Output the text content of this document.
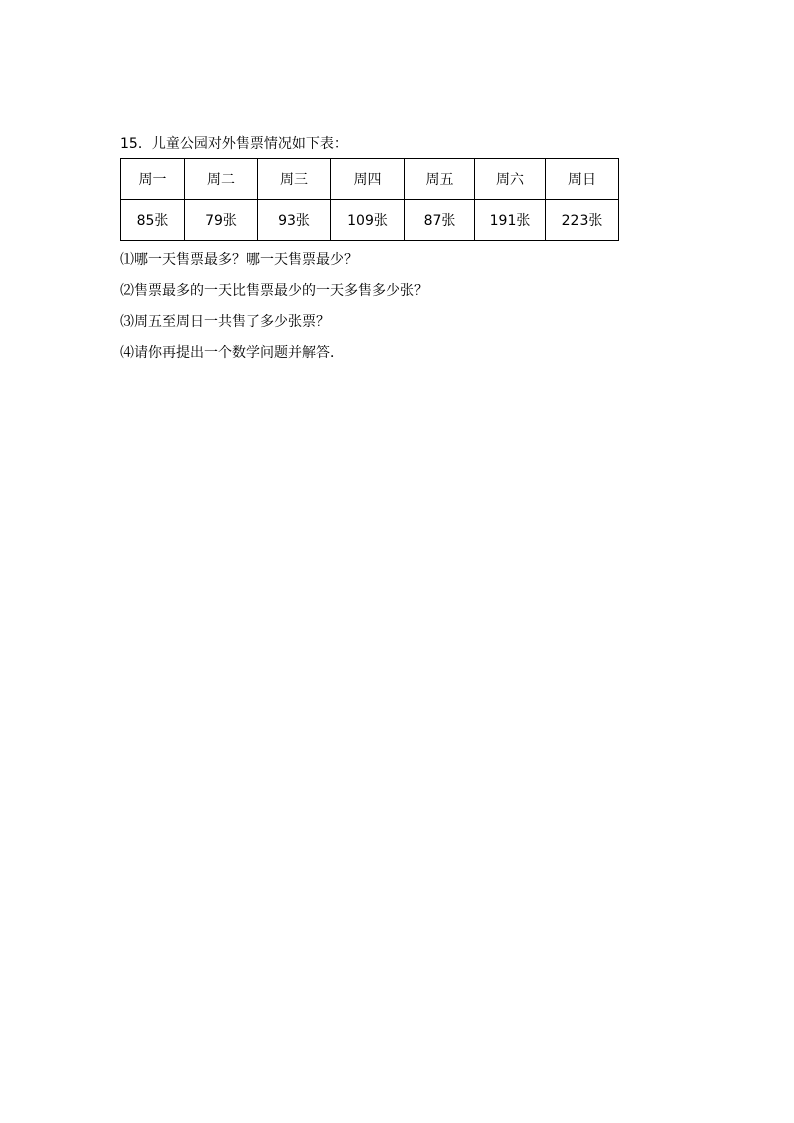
15．儿童公园对外售票情况如下表：
周一	周二	周三	周四	周五	周六	周日
85张	79张	93张	109张	87张	191张	223张
⑴哪一天售票最多？哪一天售票最少？
⑵售票最多的一天比售票最少的一天多售多少张？
⑶周五至周日一共售了多少张票？
⑷请你再提出一个数学问题并解答．
